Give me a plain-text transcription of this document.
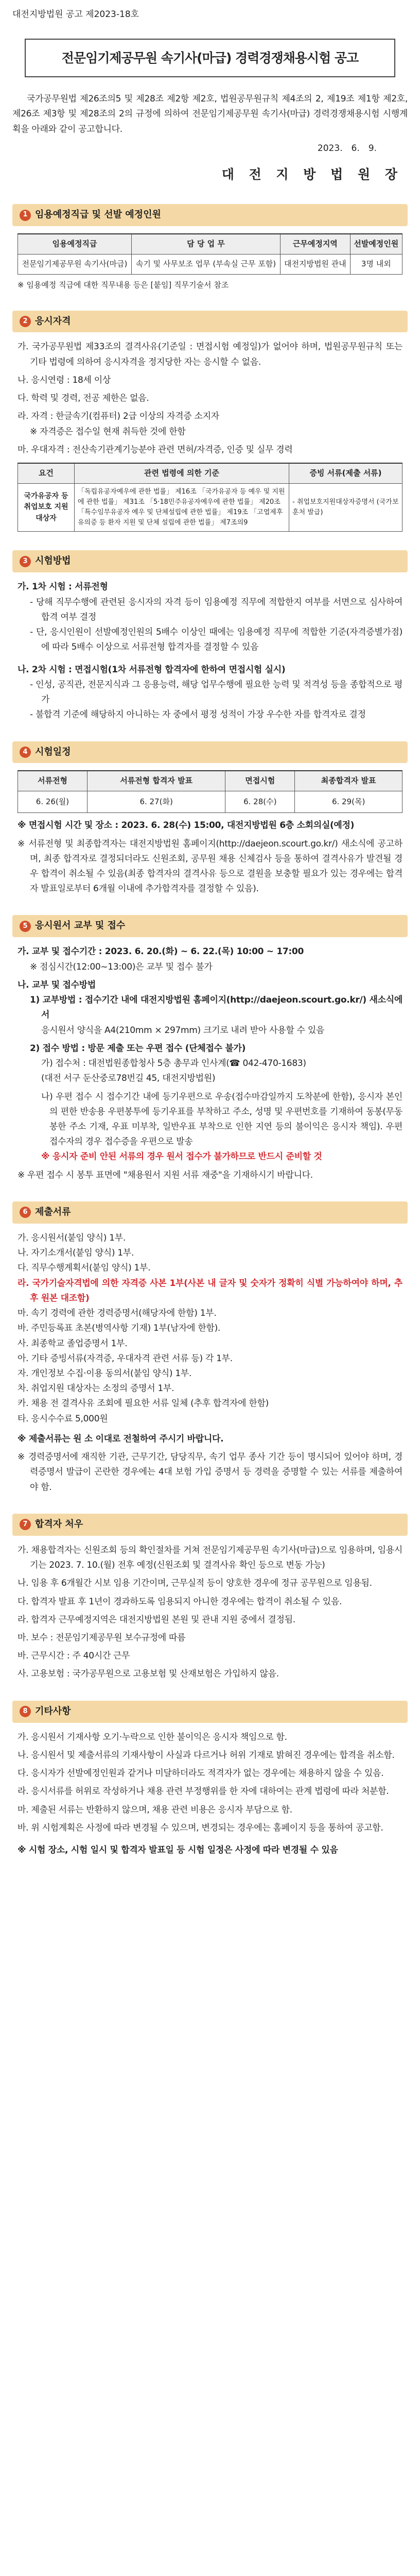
대전지방법원 공고 제2023-18호
전문임기제공무원 속기사(마급) 경력경쟁채용시험 공고

국가공무원법 제26조의5 및 제28조 제2항 제2호, 법원공무원규칙 제4조의 2, 제19조 제1항 제2호, 제26조 제3항 및 제28조의 2의 규정에 의하여 전문임기제공무원 속기사(마급) 경력경쟁채용시험 시행계획을 아래와 같이 공고합니다.

2023.　6.　9.
대 전 지 방 법 원 장
1 임용예정직급 및 선발 예정인원
임용예정직급	담 당 업 무	근무예정지역	선발예정인원
전문임기제공무원 속기사(마급)	속기 및 사무보조 업무 (부속실 근무 포함)	대전지방법원 관내	3명 내외
※ 임용예정 직급에 대한 직무내용 등은 [붙임] 직무기술서 참조
2 응시자격

가. 국가공무원법 제33조의 결격사유(기준일 : 면접시험 예정일)가 없어야 하며, 법원공무원규칙 또는 기타 법령에 의하여 응시자격을 정지당한 자는 응시할 수 없음.

나. 응시연령 : 18세 이상

다. 학력 및 경력, 전공 제한은 없음.

라. 자격 : 한글속기(컴퓨터) 2급 이상의 자격증 소지자

※ 자격증은 접수일 현재 취득한 것에 한함

마. 우대자격 : 전산속기관계기능분야 관련 면허/자격증, 인증 및 실무 경력

요건	관련 법령에 의한 기준	증빙 서류(제출 서류)
국가유공자 등 취업보호 지원 대상자	「독립유공자예우에 관한 법률」 제16조 「국가유공자 등 예우 및 지원에 관한 법률」 제31조 「5·18민주유공자예우에 관한 법률」 제20조 「특수임무유공자 예우 및 단체설립에 관한 법률」 제19조 「고엽제후유의증 등 환자 지원 및 단체 설립에 관한 법률」 제7조의9	- 취업보호지원대상자증명서 (국가보훈처 발급)
3 시험방법

가. 1차 시험 : 서류전형

- 당해 직무수행에 관련된 응시자의 자격 등이 임용예정 직무에 적합한지 여부를 서면으로 심사하여 합격 여부 결정

- 단, 응시인원이 선발예정인원의 5배수 이상인 때에는 임용예정 직무에 적합한 기준(자격증별가점)에 따라 5배수 이상으로 서류전형 합격자를 결정할 수 있음

나. 2차 시험 : 면접시험(1차 서류전형 합격자에 한하여 면접시험 실시)

- 인성, 공직관, 전문지식과 그 응용능력, 해당 업무수행에 필요한 능력 및 적격성 등을 종합적으로 평가

- 불합격 기준에 해당하지 아니하는 자 중에서 평정 성적이 가장 우수한 자를 합격자로 결정

4 시험일정
서류전형	서류전형 합격자 발표	면접시험	최종합격자 발표
6. 26(월)	6. 27(화)	6. 28(수)	6. 29(목)

※ 면접시험 시간 및 장소 : 2023. 6. 28(수) 15:00, 대전지방법원 6층 소회의실(예정)

※ 서류전형 및 최종합격자는 대전지방법원 홈페이지(http://daejeon.scourt.go.kr/) 새소식에 공고하며, 최종 합격자로 결정되더라도 신원조회, 공무원 채용 신체검사 등을 통하여 결격사유가 발견될 경우 합격이 취소될 수 있음(최종 합격자의 결격사유 등으로 결원을 보충할 필요가 있는 경우에는 합격자 발표일로부터 6개월 이내에 추가합격자를 결정할 수 있음).

5 응시원서 교부 및 접수

가. 교부 및 접수기간 : 2023. 6. 20.(화) ~ 6. 22.(목) 10:00 ~ 17:00

※ 점심시간(12:00~13:00)은 교부 및 접수 불가

나. 교부 및 접수방법

1) 교부방법 : 접수기간 내에 대전지방법원 홈페이지(http://daejeon.scourt.go.kr/) 새소식에서

응시원서 양식을 A4(210mm × 297mm) 크기로 내려 받아 사용할 수 있음

2) 접수 방법 : 방문 제출 또는 우편 접수 (단체접수 불가)

가) 접수처 : 대전법원종합청사 5층 총무과 인사계(☎ 042-470-1683)

(대전 서구 둔산중로78번길 45, 대전지방법원)

나) 우편 접수 시 접수기간 내에 등기우편으로 우송(접수마감일까지 도착분에 한함), 응시자 본인의 편한 반송용 우편봉투에 등기우표를 부착하고 주소, 성명 및 우편번호를 기재하여 동봉(무동봉한 주소 기재, 우표 미부착, 일반우표 부착으로 인한 지연 등의 불이익은 응시자 책임). 우편 접수자의 경우 접수증을 우편으로 발송

※ 응시자 준비 안된 서류의 경우 원서 접수가 불가하므로 반드시 준비할 것

※ 우편 접수 시 봉투 표면에 "채용원서 지원 서류 재중"을 기재하시기 바랍니다.

6 제출서류

가. 응시원서(붙임 양식) 1부.

나. 자기소개서(붙임 양식) 1부.

다. 직무수행계획서(붙임 양식) 1부.

라. 국가기술자격법에 의한 자격증 사본 1부(사본 내 글자 및 숫자가 정확히 식별 가능하여야 하며, 추후 원본 대조함)

마. 속기 경력에 관한 경력증명서(해당자에 한함) 1부.

바. 주민등록표 초본(병역사항 기재) 1부(남자에 한함).

사. 최종학교 졸업증명서 1부.

아. 기타 증빙서류(자격증, 우대자격 관련 서류 등) 각 1부.

자. 개인정보 수집·이용 동의서(붙임 양식) 1부.

차. 취업지원 대상자는 소정의 증명서 1부.

카. 채용 전 결격사유 조회에 필요한 서류 일체 (추후 합격자에 한함)

타. 응시수수료 5,000원

※ 제출서류는 원 소 이대로 전철하여 주시기 바랍니다.

※ 경력증명서에 재직한 기관, 근무기간, 담당직무, 속기 업무 종사 기간 등이 명시되어 있어야 하며, 경력증명서 발급이 곤란한 경우에는 4대 보험 가입 증명서 등 경력을 증명할 수 있는 서류를 제출하여야 함.

7 합격자 처우

가. 채용합격자는 신원조회 등의 확인절차를 거쳐 전문임기제공무원 속기사(마급)으로 임용하며, 임용시기는 2023. 7. 10.(월) 전후 예정(신원조회 및 결격사유 확인 등으로 변동 가능)

나. 임용 후 6개월간 시보 임용 기간이며, 근무실적 등이 양호한 경우에 정규 공무원으로 임용됨.

다. 합격자 발표 후 1년이 경과하도록 임용되지 아니한 경우에는 합격이 취소될 수 있음.

라. 합격자 근무예정지역은 대전지방법원 본원 및 관내 지원 중에서 결정됨.

마. 보수 : 전문임기제공무원 보수규정에 따름

바. 근무시간 : 주 40시간 근무

사. 고용보험 : 국가공무원으로 고용보험 및 산재보험은 가입하지 않음.

8 기타사항

가. 응시원서 기재사항 오기·누락으로 인한 불이익은 응시자 책임으로 함.

나. 응시원서 및 제출서류의 기재사항이 사실과 다르거나 허위 기재로 밝혀진 경우에는 합격을 취소함.

다. 응시자가 선발예정인원과 같거나 미달하더라도 적격자가 없는 경우에는 채용하지 않을 수 있음.

라. 응시서류를 허위로 작성하거나 채용 관련 부정행위를 한 자에 대하여는 관계 법령에 따라 처분함.

마. 제출된 서류는 반환하지 않으며, 채용 관련 비용은 응시자 부담으로 함.

바. 위 시험계획은 사정에 따라 변경될 수 있으며, 변경되는 경우에는 홈페이지 등을 통하여 공고함.

※ 시험 장소, 시험 일시 및 합격자 발표일 등 시험 일정은 사정에 따라 변경될 수 있음
